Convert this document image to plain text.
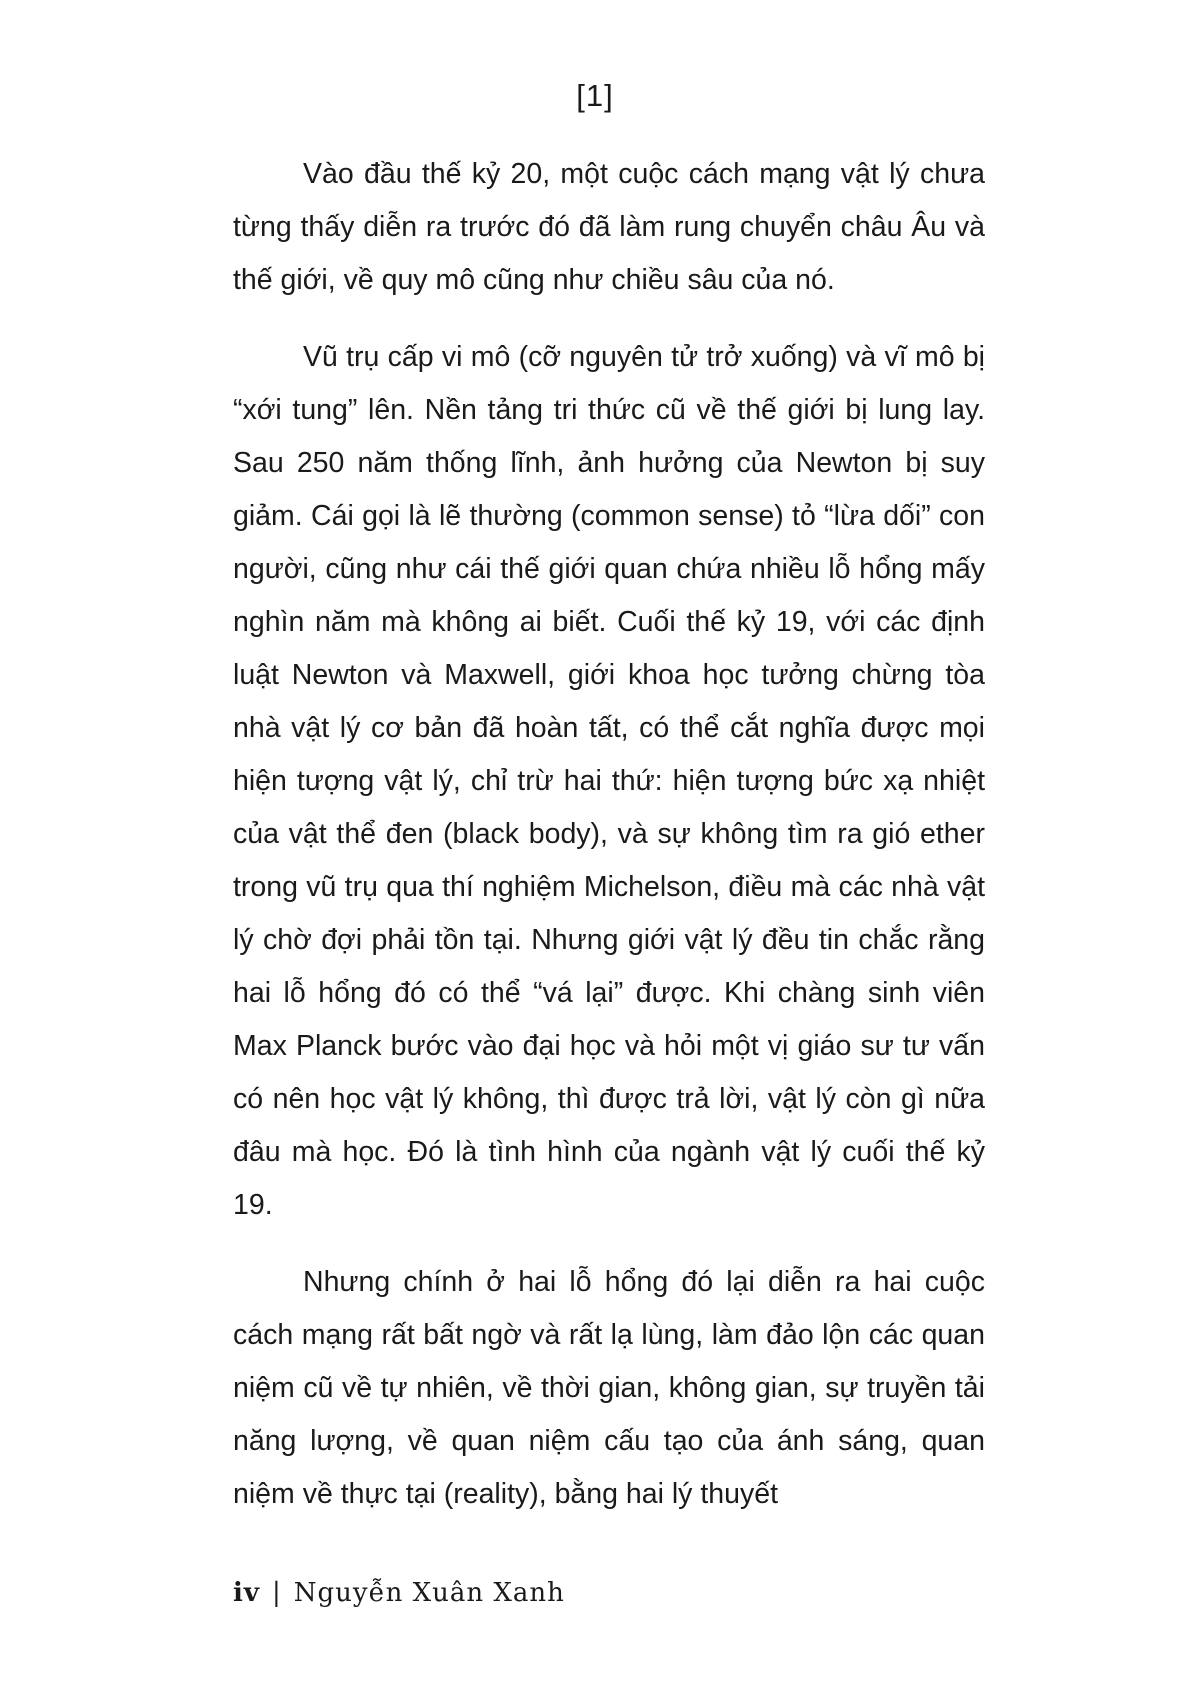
[1]

Vào đầu thế kỷ 20, một cuộc cách mạng vật lý chưa từng thấy diễn ra trước đó đã làm rung chuyển châu Âu và thế giới, về quy mô cũng như chiều sâu của nó.

Vũ trụ cấp vi mô (cỡ nguyên tử trở xuống) và vĩ mô bị “xới tung” lên. Nền tảng tri thức cũ về thế giới bị lung lay. Sau 250 năm thống lĩnh, ảnh hưởng của Newton bị suy giảm. Cái gọi là lẽ thường (common sense) tỏ “lừa dối” con người, cũng như cái thế giới quan chứa nhiều lỗ hổng mấy nghìn năm mà không ai biết. Cuối thế kỷ 19, với các định luật Newton và Maxwell, giới khoa học tưởng chừng tòa nhà vật lý cơ bản đã hoàn tất, có thể cắt nghĩa được mọi hiện tượng vật lý, chỉ trừ hai thứ: hiện tượng bức xạ nhiệt của vật thể đen (black body), và sự không tìm ra gió ether trong vũ trụ qua thí nghiệm Michelson, điều mà các nhà vật lý chờ đợi phải tồn tại. Nhưng giới vật lý đều tin chắc rằng hai lỗ hổng đó có thể “vá lại” được. Khi chàng sinh viên Max Planck bước vào đại học và hỏi một vị giáo sư tư vấn có nên học vật lý không, thì được trả lời, vật lý còn gì nữa đâu mà học. Đó là tình hình của ngành vật lý cuối thế kỷ 19.

Nhưng chính ở hai lỗ hổng đó lại diễn ra hai cuộc cách mạng rất bất ngờ và rất lạ lùng, làm đảo lộn các quan niệm cũ về tự nhiên, về thời gian, không gian, sự truyền tải năng lượng, về quan niệm cấu tạo của ánh sáng, quan niệm về thực tại (reality), bằng hai lý thuyết

iv | Nguyễn Xuân Xanh
